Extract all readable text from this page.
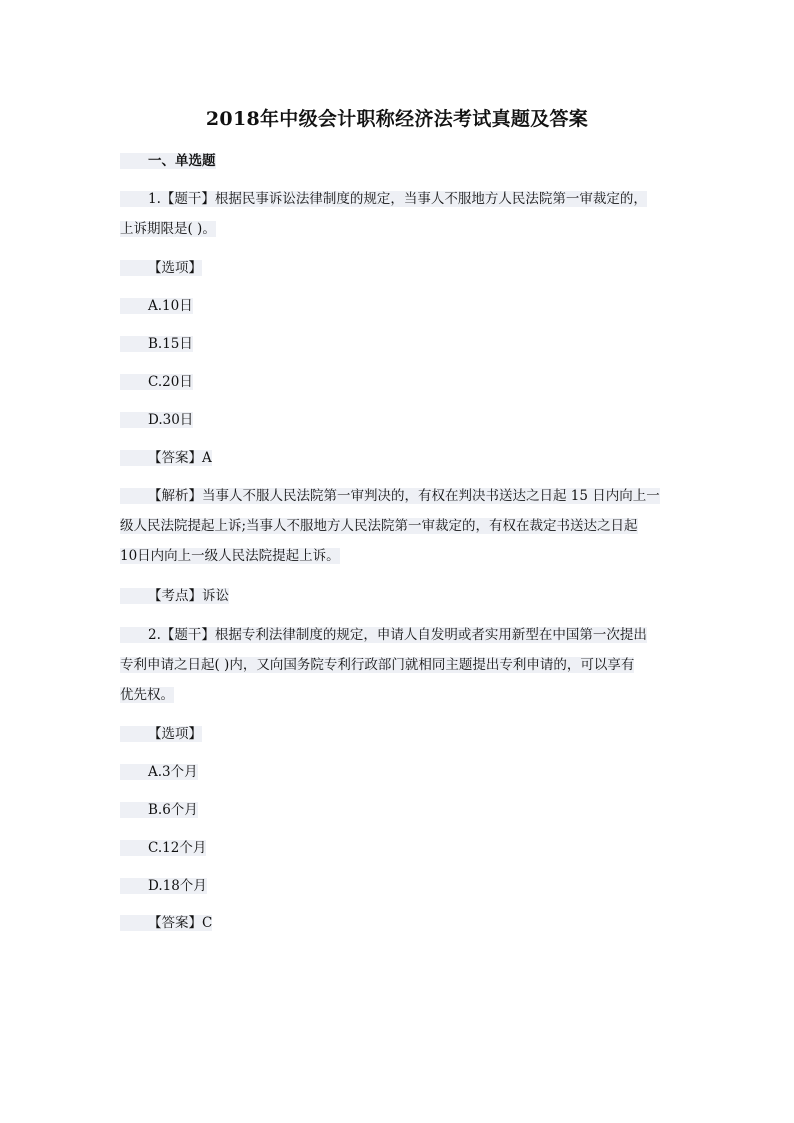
2018年中级会计职称经济法考试真题及答案
一、单选题
1.【题干】根据民事诉讼法律制度的规定，当事人不服地方人民法院第一审裁定的，
上诉期限是( )。
【选项】
A.10日
B.15日
C.20日
D.30日
【答案】A
【解析】当事人不服人民法院第一审判决的，有权在判决书送达之日起 15 日内向上一
级人民法院提起上诉;当事人不服地方人民法院第一审裁定的，有权在裁定书送达之日起
10日内向上一级人民法院提起上诉。
【考点】诉讼
2.【题干】根据专利法律制度的规定，申请人自发明或者实用新型在中国第一次提出
专利申请之日起( )内，又向国务院专利行政部门就相同主题提出专利申请的，可以享有
优先权。
【选项】
A.3个月
B.6个月
C.12个月
D.18个月
【答案】C
